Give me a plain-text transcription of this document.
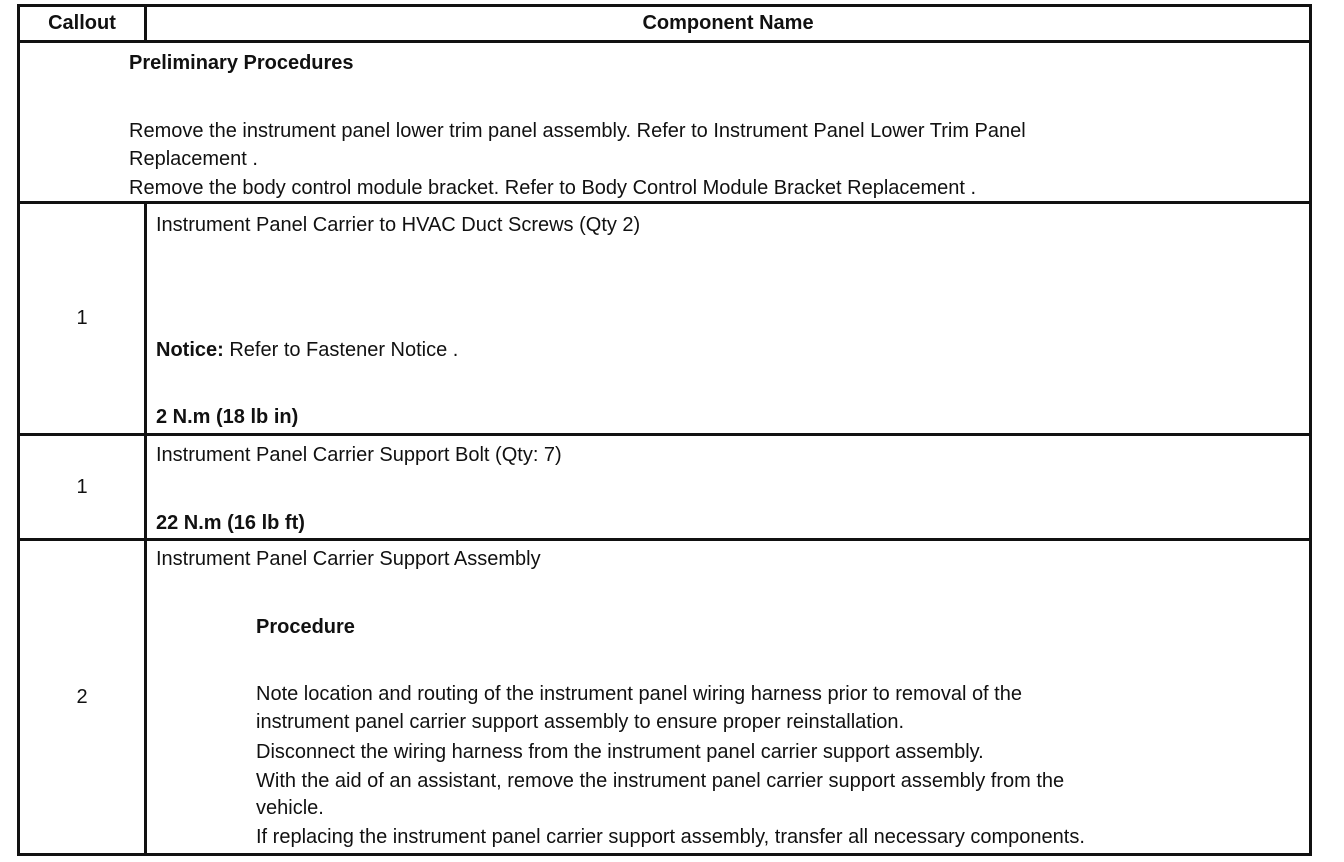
Callout	Component Name
Preliminary Procedures
Remove the instrument panel lower trim panel assembly. Refer to Instrument Panel Lower Trim Panel
Replacement .
Remove the body control module bracket. Refer to Body Control Module Bracket Replacement .
1
Instrument Panel Carrier to HVAC Duct Screws (Qty 2)
Notice: Refer to Fastener Notice .
2 N.m (18 lb in)
1
Instrument Panel Carrier Support Bolt (Qty: 7)
22 N.m (16 lb ft)
2
Instrument Panel Carrier Support Assembly
Procedure
Note location and routing of the instrument panel wiring harness prior to removal of the
instrument panel carrier support assembly to ensure proper reinstallation.
Disconnect the wiring harness from the instrument panel carrier support assembly.
With the aid of an assistant, remove the instrument panel carrier support assembly from the
vehicle.
If replacing the instrument panel carrier support assembly, transfer all necessary components.
